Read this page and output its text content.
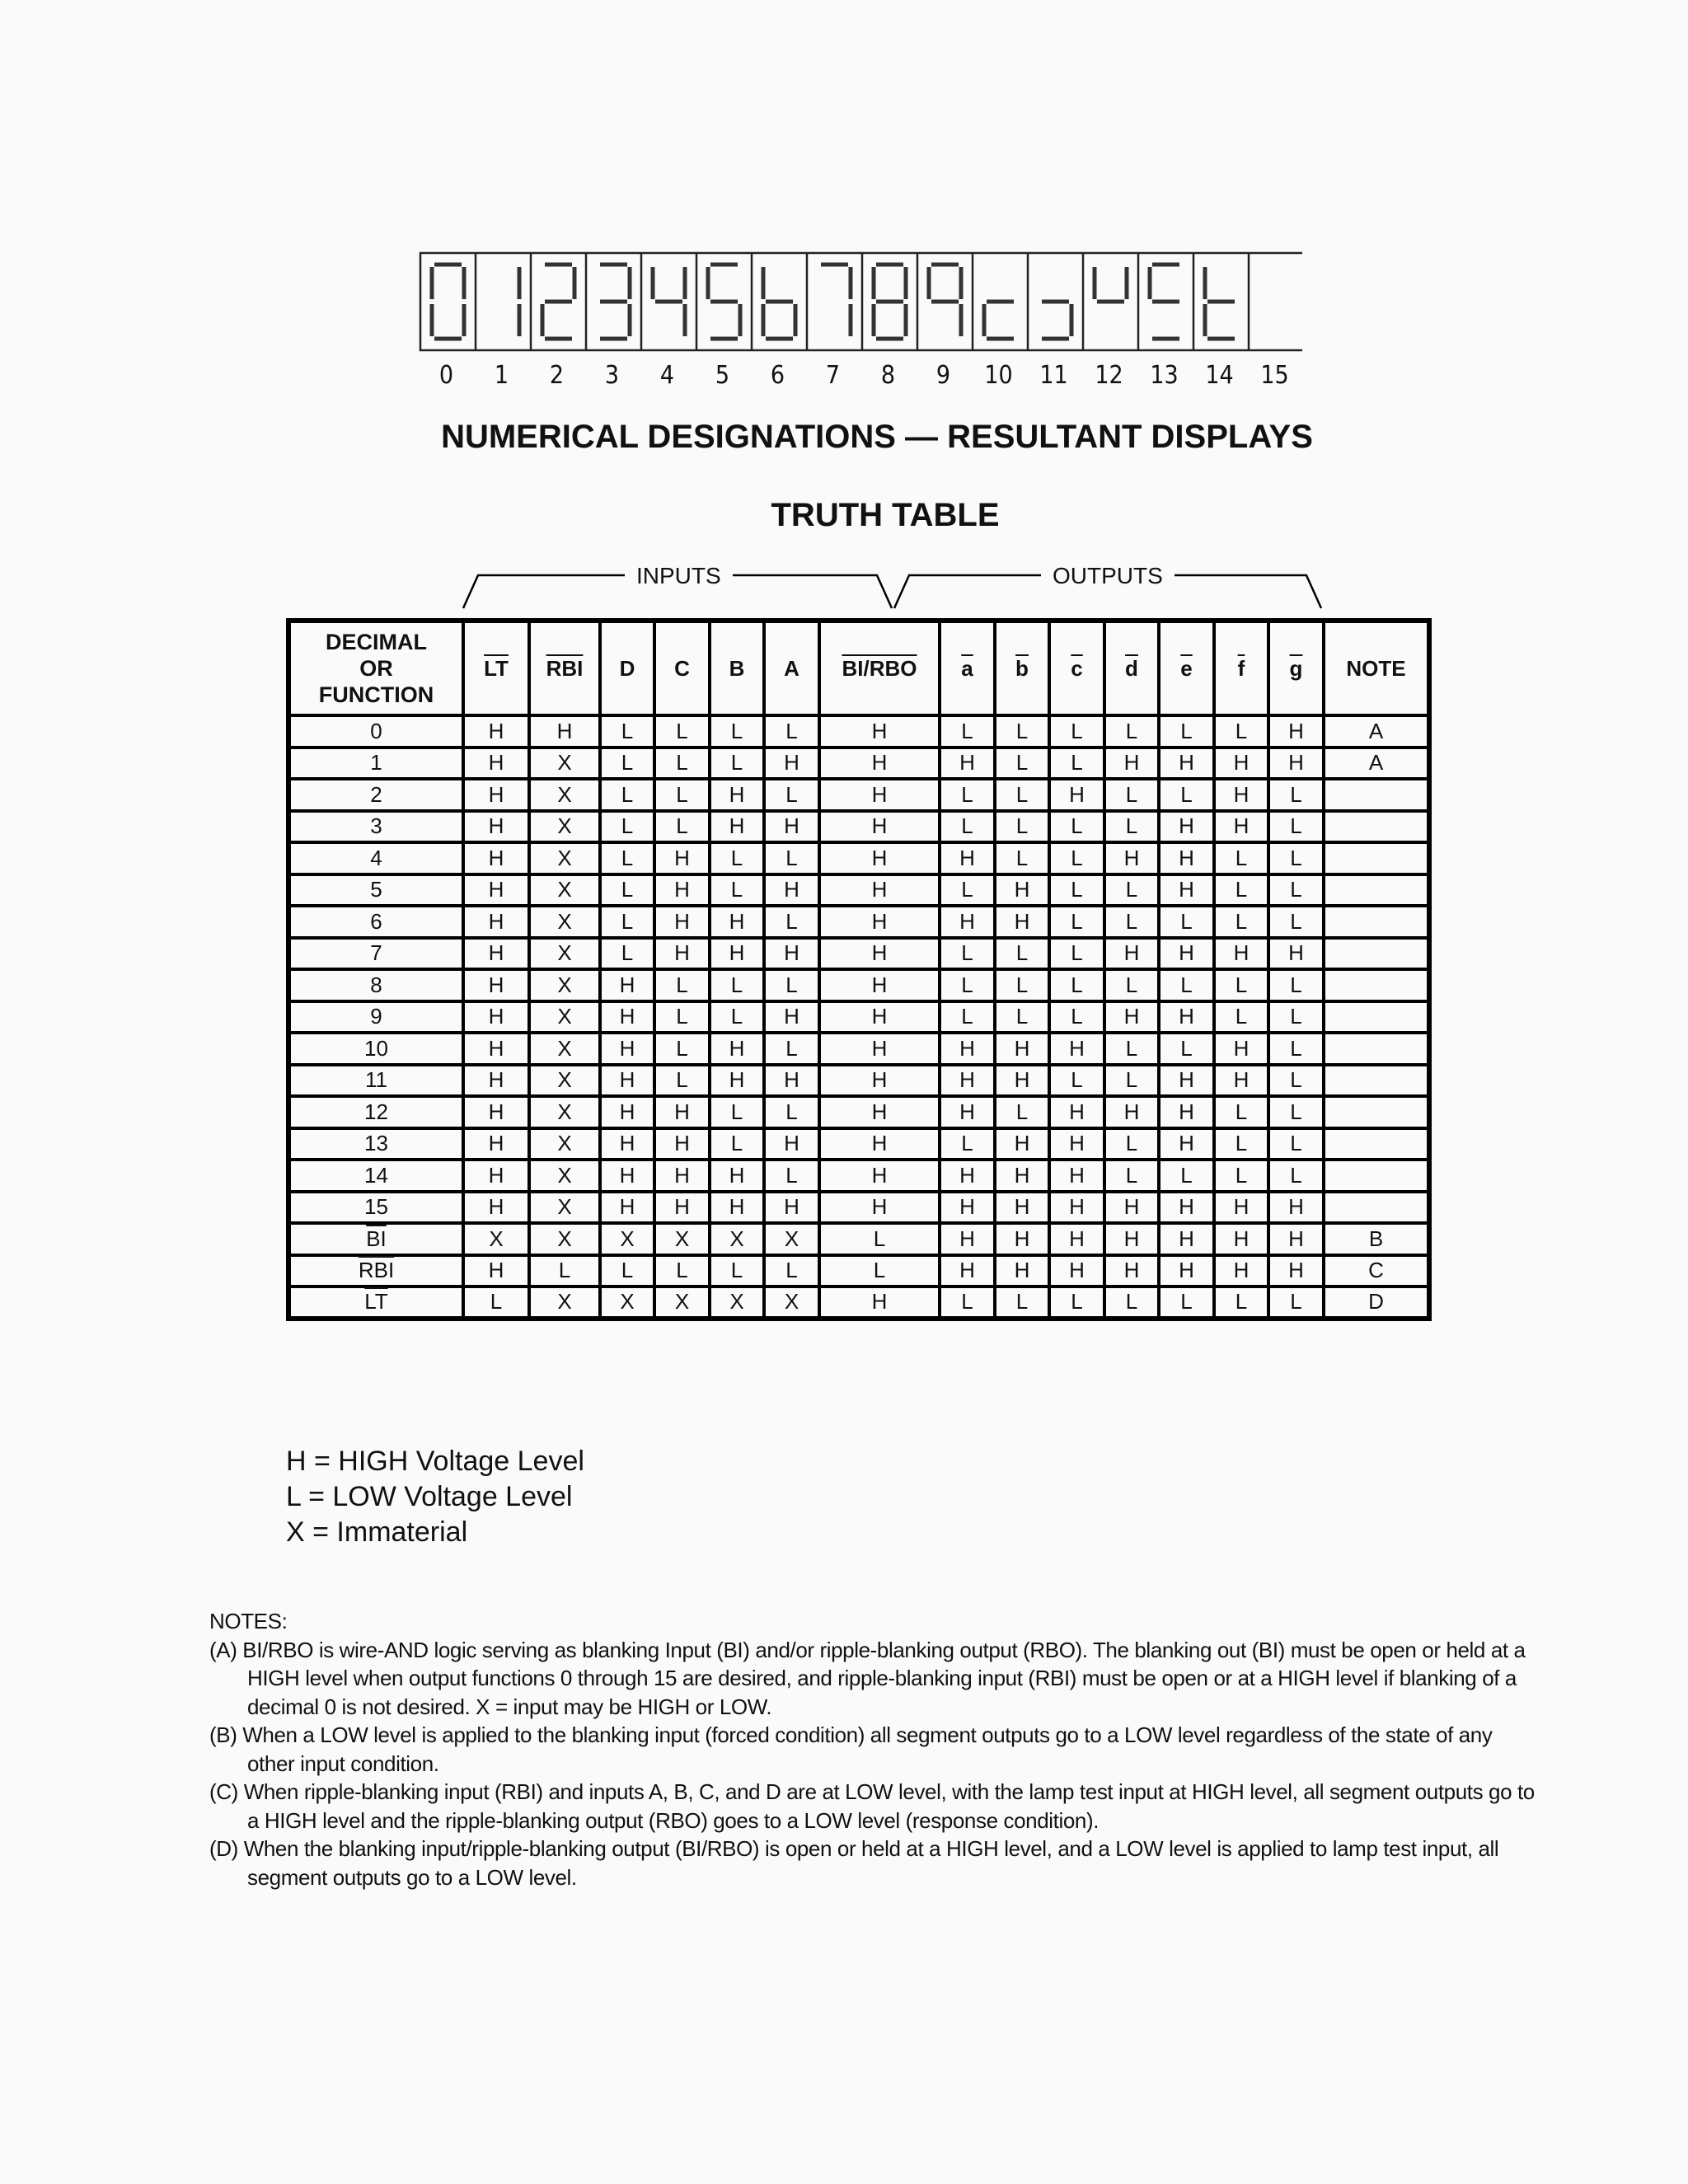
0	1	2	3	4	5	6	7	8	9	10	11	12	13	14	15
NUMERICAL DESIGNATIONS — RESULTANT DISPLAYS
TRUTH TABLE
INPUTS	OUTPUTS
DECIMAL
OR
FUNCTION	$\overline{LT}$	$\overline{RBI}$	D	C	B	A	BI/RBO	$\overline{a}$	$\overline{b}$	$\overline{c}$	$\overline{d}$	$\overline{e}$	$\overline{f}$	$\overline{g}$	NOTE
0	H	H	L	L	L	L	H	L	L	L	L	L	L	H	A
1	H	X	L	L	L	H	H	H	L	L	H	H	H	H	A
2	H	X	L	L	H	L	H	L	L	H	L	L	H	L	
3	H	X	L	L	H	H	H	L	L	L	L	H	H	L	
4	H	X	L	H	L	L	H	H	L	L	H	H	L	L	
5	H	X	L	H	L	H	H	L	H	L	L	H	L	L	
6	H	X	L	H	H	L	H	H	H	L	L	L	L	L	
7	H	X	L	H	H	H	H	L	L	L	H	H	H	H	
8	H	X	H	L	L	L	H	L	L	L	L	L	L	L	
9	H	X	H	L	L	H	H	L	L	L	H	H	L	L	
10	H	X	H	L	H	L	H	H	H	H	L	L	H	L	
11	H	X	H	L	H	H	H	H	H	L	L	H	H	L	
12	H	X	H	H	L	L	H	H	L	H	H	H	L	L	
13	H	X	H	H	L	H	H	L	H	H	L	H	L	L	
14	H	X	H	H	H	L	H	H	H	H	L	L	L	L	
15	H	X	H	H	H	H	H	H	H	H	H	H	H	H	
$\overline{BI}$	X	X	X	X	X	X	L	H	H	H	H	H	H	H	B
$\overline{RBI}$	H	L	L	L	L	L	L	H	H	H	H	H	H	H	C
$\overline{LT}$	L	X	X	X	X	X	H	L	L	L	L	L	L	L	D
H = HIGH Voltage Level
L = LOW Voltage Level
X = Immaterial
NOTES:
(A) BI/RBO is wire-AND logic serving as blanking Input (BI) and/or ripple-blanking output (RBO). The blanking out (BI) must be open or held at a HIGH level when output functions 0 through 15 are desired, and ripple-blanking input (RBI) must be open or at a HIGH level if blanking of a decimal 0 is not desired. X = input may be HIGH or LOW.
(B) When a LOW level is applied to the blanking input (forced condition) all segment outputs go to a LOW level regardless of the state of any other input condition.
(C) When ripple-blanking input (RBI) and inputs A, B, C, and D are at LOW level, with the lamp test input at HIGH level, all segment outputs go to a HIGH level and the ripple-blanking output (RBO) goes to a LOW level (response condition).
(D) When the blanking input/ripple-blanking output (BI/RBO) is open or held at a HIGH level, and a LOW level is applied to lamp test input, all segment outputs go to a LOW level.
